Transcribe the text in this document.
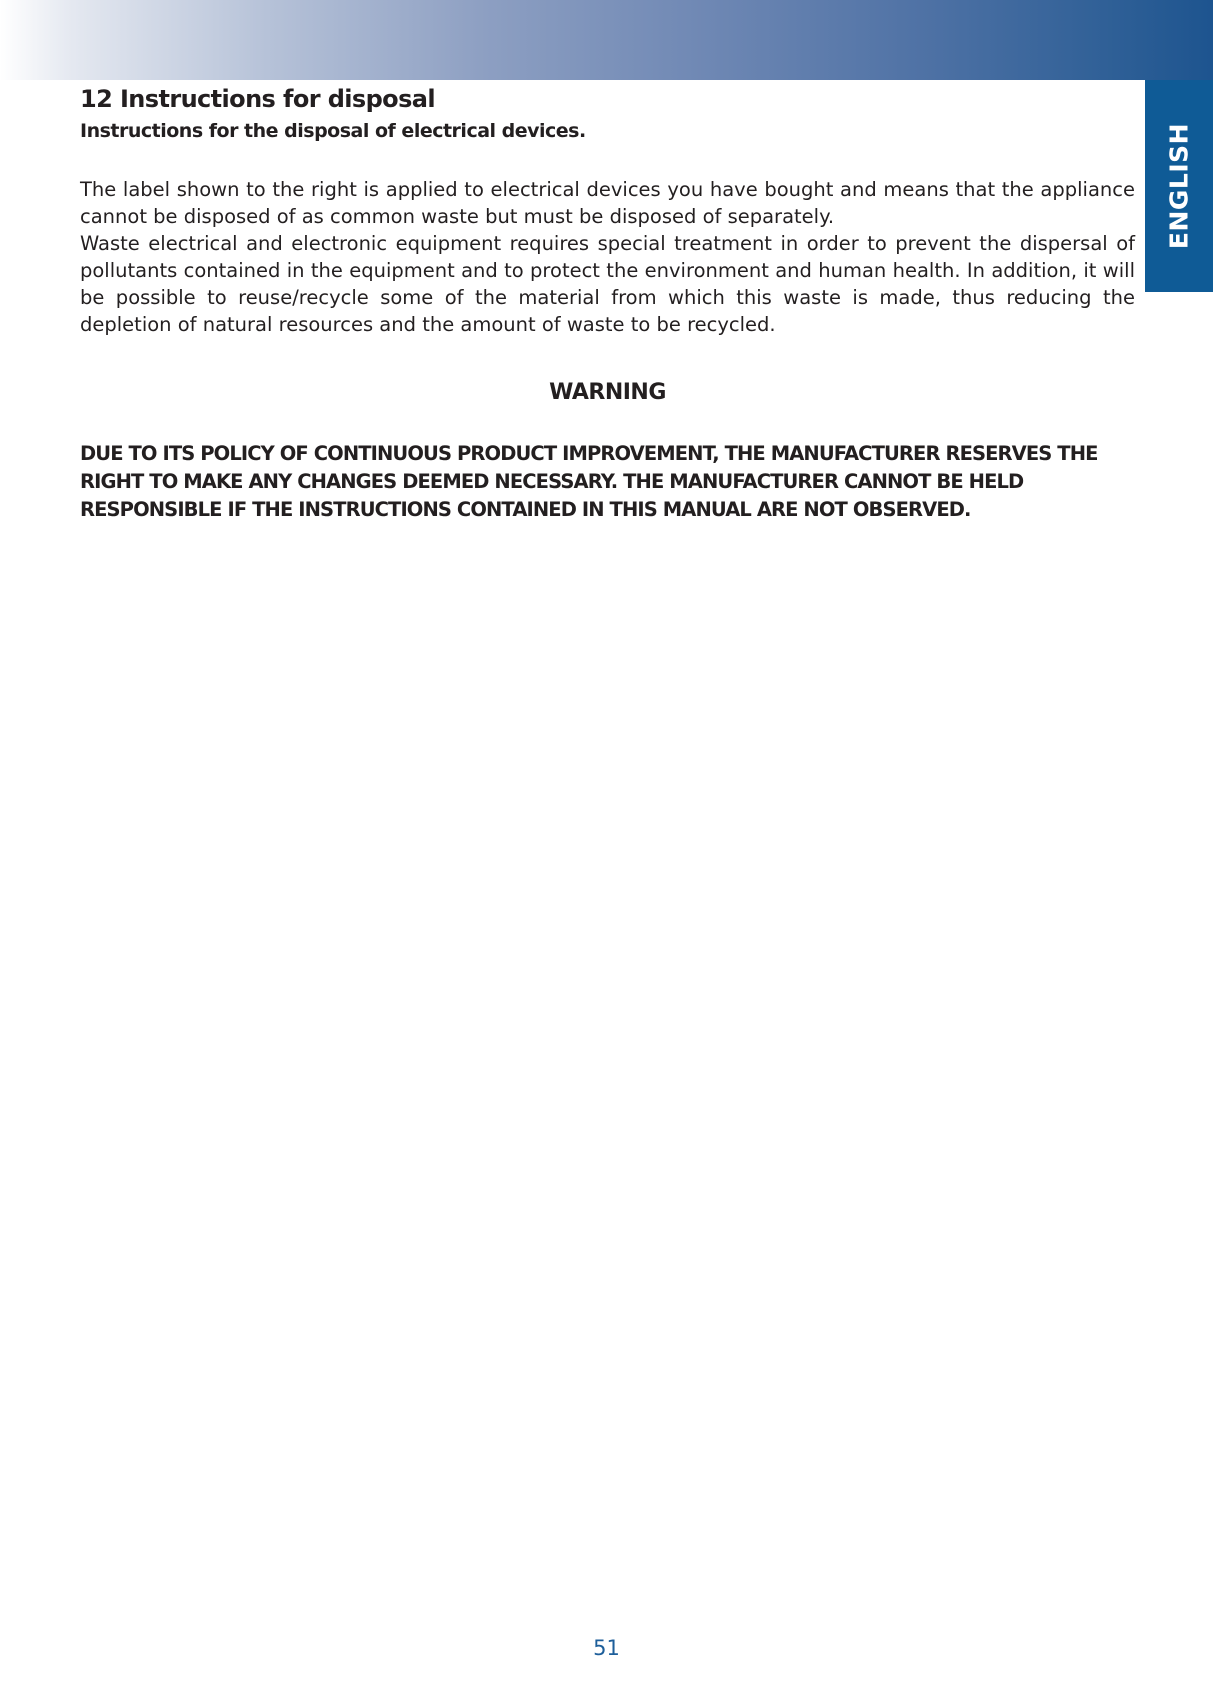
ENGLISH
12 Instructions for disposal
Instructions for the disposal of electrical devices.

The label shown to the right is applied to electrical devices you have bought and means that the appliance cannot be disposed of as common waste but must be disposed of separately.

Waste electrical and electronic equipment requires special treatment in order to prevent the dispersal of pollutants contained in the equipment and to protect the environment and human health. In addition, it will be possible to reuse/recycle some of the material from which this waste is made, thus reducing the depletion of natural resources and the amount of waste to be recycled.

WARNING

DUE TO ITS POLICY OF CONTINUOUS PRODUCT IMPROVEMENT, THE MANUFACTURER RESERVES THE RIGHT TO MAKE ANY CHANGES DEEMED NECESSARY. THE MANUFACTURER CANNOT BE HELD RESPONSIBLE IF THE INSTRUCTIONS CONTAINED IN THIS MANUAL ARE NOT OBSERVED.

51
